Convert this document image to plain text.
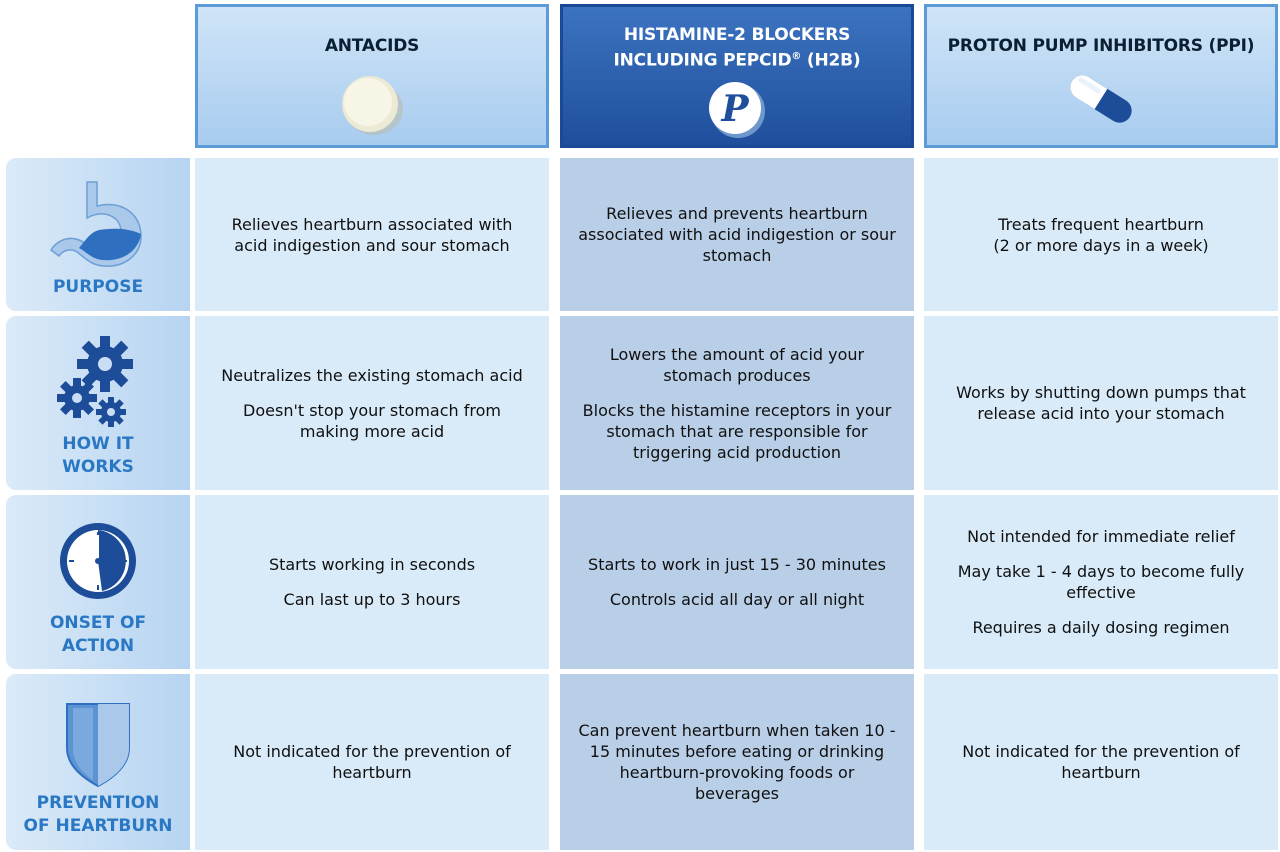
ANTACIDS
HISTAMINE-2 BLOCKERS
INCLUDING PEPCID® (H2B)
P
PROTON PUMP INHIBITORS (PPI)
PURPOSE

Relieves heartburn associated with acid indigestion and sour stomach

Relieves and prevents heartburn associated with acid indigestion or sour stomach

Treats frequent heartburn

(2 or more days in a week)

HOW IT
WORKS

Neutralizes the existing stomach acid

Doesn't stop your stomach from making more acid

Lowers the amount of acid your stomach produces

Blocks the histamine receptors in your stomach that are responsible for triggering acid production

Works by shutting down pumps that release acid into your stomach

ONSET OF
ACTION

Starts working in seconds

Can last up to 3 hours

Starts to work in just 15 - 30 minutes

Controls acid all day or all night

Not intended for immediate relief

May take 1 - 4 days to become fully effective

Requires a daily dosing regimen

PREVENTION
OF HEARTBURN

Not indicated for the prevention of heartburn

Can prevent heartburn when taken 10 - 15 minutes before eating or drinking heartburn-provoking foods or beverages

Not indicated for the prevention of heartburn
